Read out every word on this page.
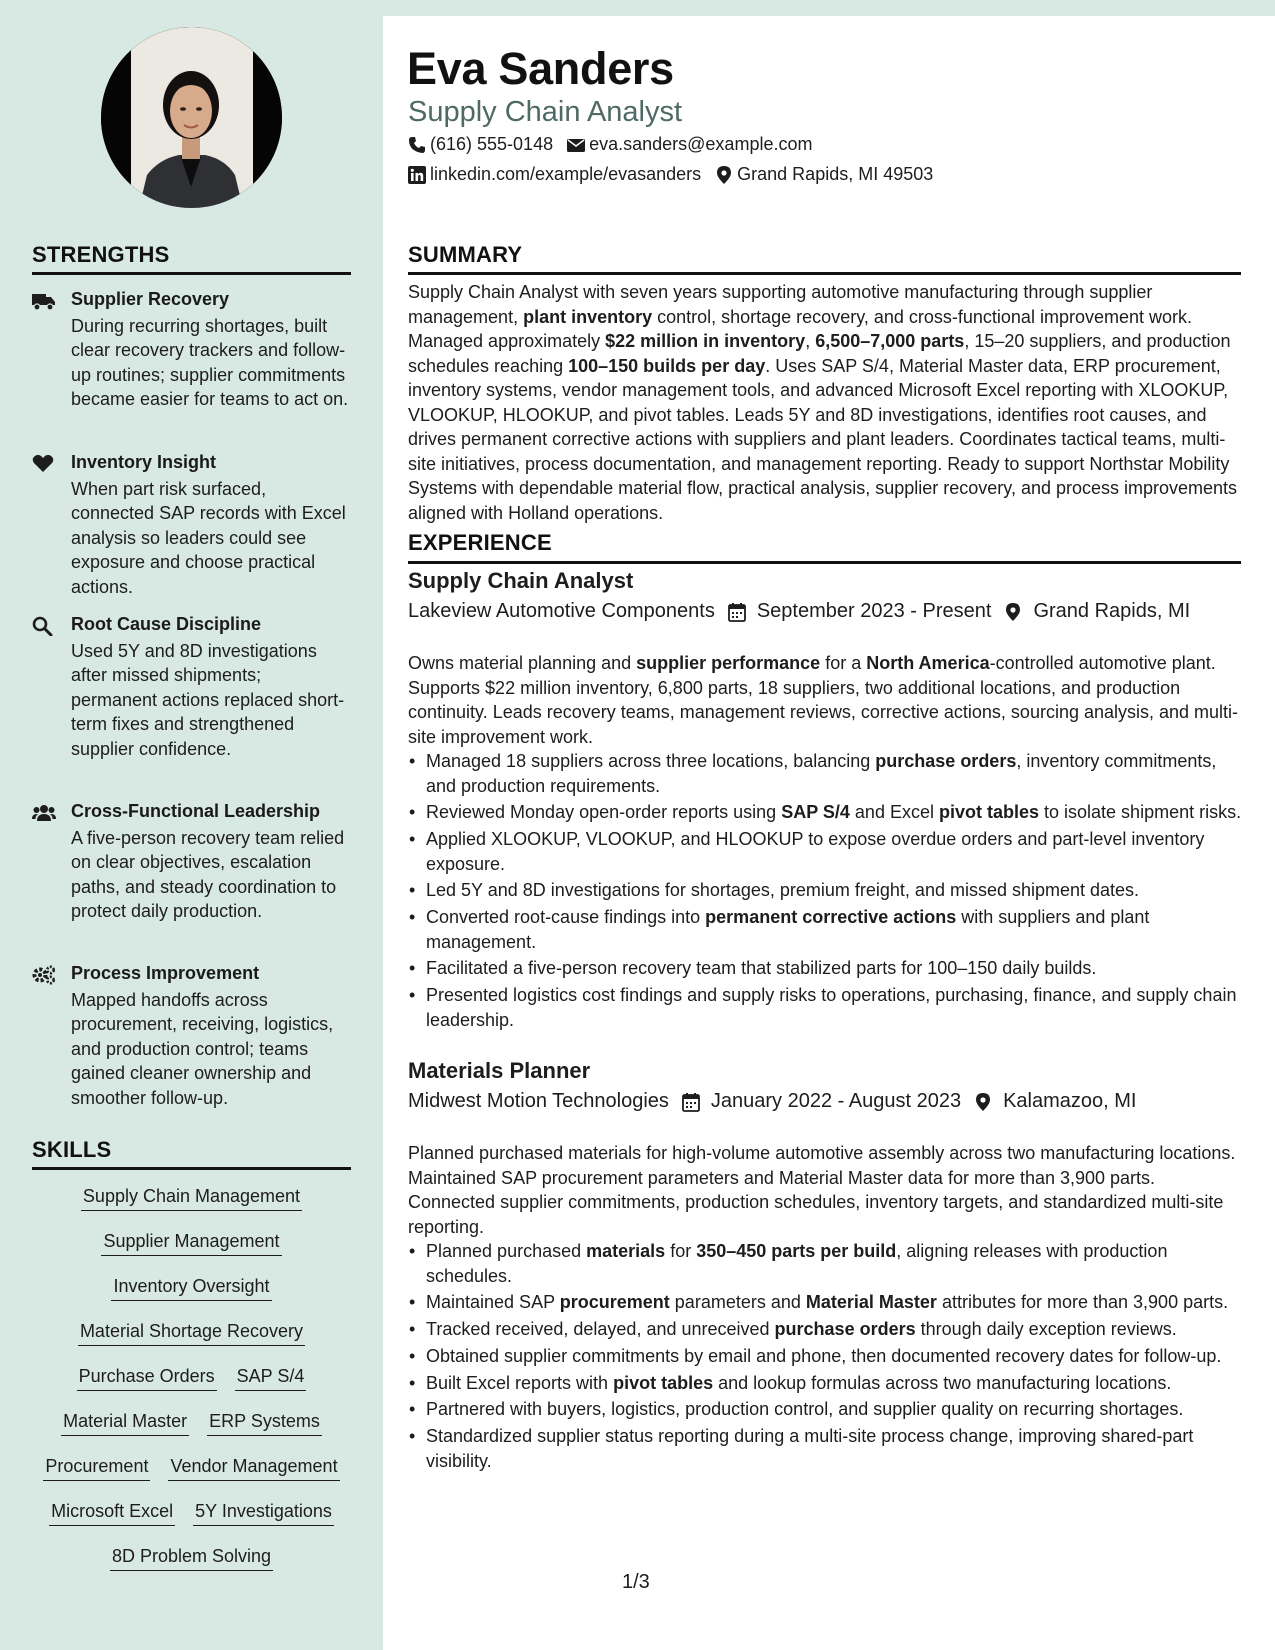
STRENGTHS
Supplier Recovery
During recurring shortages, built clear recovery trackers and follow-up routines; supplier commitments became easier for teams to act on.
Inventory Insight
When part risk surfaced, connected SAP records with Excel analysis so leaders could see exposure and choose practical actions.
Root Cause Discipline
Used 5Y and 8D investigations after missed shipments; permanent actions replaced short-term fixes and strengthened supplier confidence.
Cross-Functional Leadership
A five-person recovery team relied on clear objectives, escalation paths, and steady coordination to protect daily production.
Process Improvement
Mapped handoffs across procurement, receiving, logistics, and production control; teams gained cleaner ownership and smoother follow-up.
SKILLS
Supply Chain Management
Supplier Management
Inventory Oversight
Material Shortage Recovery
Purchase Orders SAP S/4
Material Master ERP Systems
Procurement Vendor Management
Microsoft Excel 5Y Investigations
8D Problem Solving
Eva Sanders
Supply Chain Analyst
(616) 555-0148 eva.sanders@example.com
linkedin.com/example/evasanders Grand Rapids, MI 49503
SUMMARY
Supply Chain Analyst with seven years supporting automotive manufacturing through supplier management, plant inventory control, shortage recovery, and cross-functional improvement work. Managed approximately $22 million in inventory, 6,500–7,000 parts, 15–20 suppliers, and production schedules reaching 100–150 builds per day. Uses SAP S/4, Material Master data, ERP procurement, inventory systems, vendor management tools, and advanced Microsoft Excel reporting with XLOOKUP, VLOOKUP, HLOOKUP, and pivot tables. Leads 5Y and 8D investigations, identifies root causes, and drives permanent corrective actions with suppliers and plant leaders. Coordinates tactical teams, multi-site initiatives, process documentation, and management reporting. Ready to support Northstar Mobility Systems with dependable material flow, practical analysis, supplier recovery, and process improvements aligned with Holland operations.
EXPERIENCE
Supply Chain Analyst
Lakeview Automotive Components September 2023 - Present Grand Rapids, MI
Owns material planning and supplier performance for a North America-controlled automotive plant. Supports $22 million inventory, 6,800 parts, 18 suppliers, two additional locations, and production continuity. Leads recovery teams, management reviews, corrective actions, sourcing analysis, and multi-site improvement work.
• Managed 18 suppliers across three locations, balancing purchase orders, inventory commitments, and production requirements.
• Reviewed Monday open-order reports using SAP S/4 and Excel pivot tables to isolate shipment risks.
• Applied XLOOKUP, VLOOKUP, and HLOOKUP to expose overdue orders and part-level inventory exposure.
• Led 5Y and 8D investigations for shortages, premium freight, and missed shipment dates.
• Converted root-cause findings into permanent corrective actions with suppliers and plant management.
• Facilitated a five-person recovery team that stabilized parts for 100–150 daily builds.
• Presented logistics cost findings and supply risks to operations, purchasing, finance, and supply chain leadership.
Materials Planner
Midwest Motion Technologies January 2022 - August 2023 Kalamazoo, MI
Planned purchased materials for high-volume automotive assembly across two manufacturing locations. Maintained SAP procurement parameters and Material Master data for more than 3,900 parts. Connected supplier commitments, production schedules, inventory targets, and standardized multi-site reporting.
• Planned purchased materials for 350–450 parts per build, aligning releases with production schedules.
• Maintained SAP procurement parameters and Material Master attributes for more than 3,900 parts.
• Tracked received, delayed, and unreceived purchase orders through daily exception reviews.
• Obtained supplier commitments by email and phone, then documented recovery dates for follow-up.
• Built Excel reports with pivot tables and lookup formulas across two manufacturing locations.
• Partnered with buyers, logistics, production control, and supplier quality on recurring shortages.
• Standardized supplier status reporting during a multi-site process change, improving shared-part visibility.
1/3
